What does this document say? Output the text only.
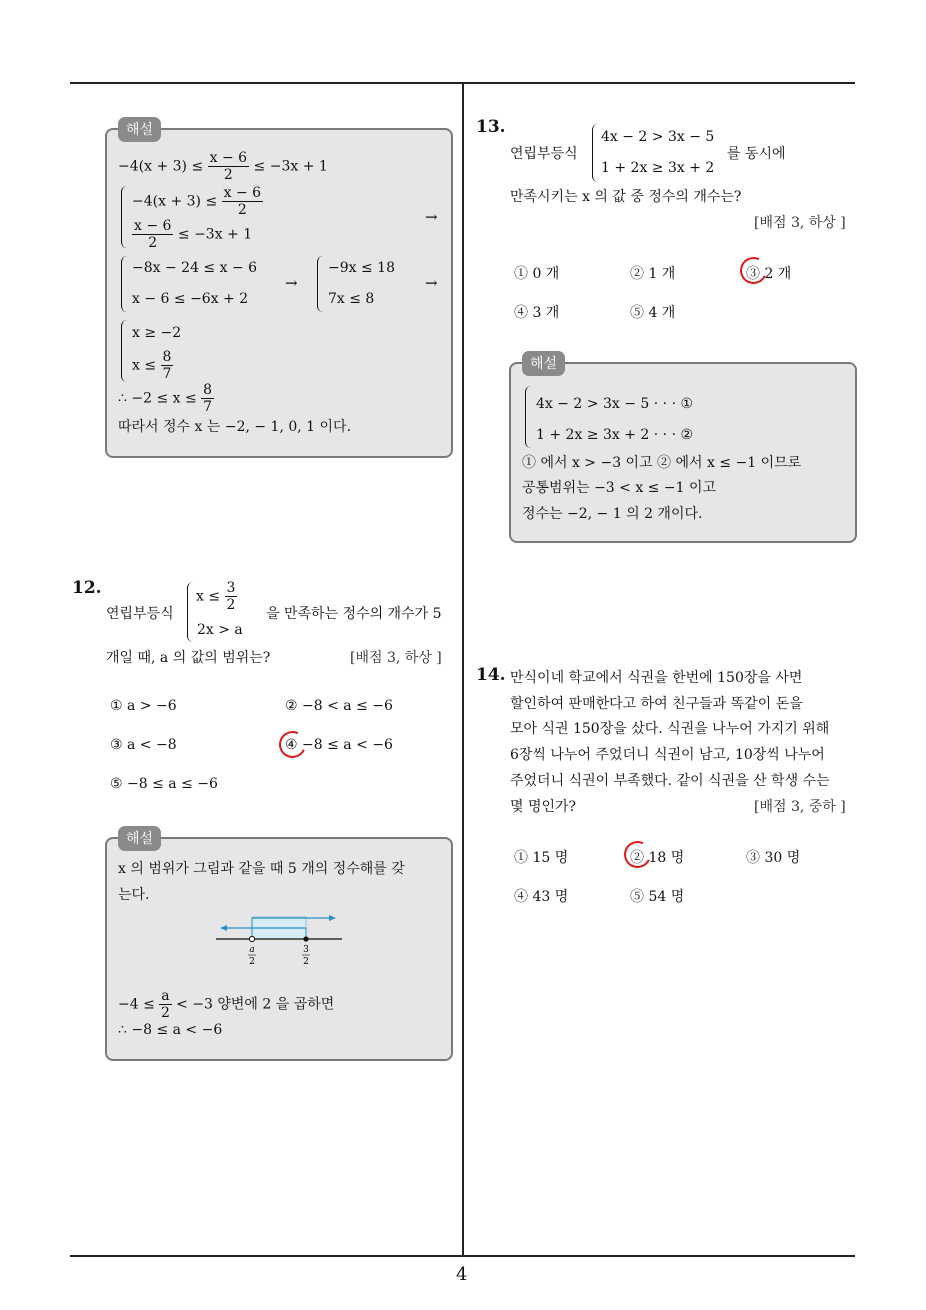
4
해설
$-4(x + 3) \le \frac{x - 6}{2} \le -3x + 1$
$-4(x + 3) \le \frac{x - 6}{2}$
$\frac{x - 6}{2} \le -3x + 1$
→
−8x − 24 ≤ x − 6
x − 6 ≤ −6x + 2
→
−9x ≤ 18
7x ≤ 8
→
x ≥ −2
$x \le \frac{8}{7}$
∴ $-2 \le x \le \frac{8}{7}$
따라서 정수 x 는 −2, − 1, 0, 1 이다.
12.
연립부등식
$x \le \frac{3}{2}$
2x > a
을 만족하는 정수의 개수가 5
개일 때, a 의 값의 범위는?	[배점 3, 하상 ]
① a > −6	② −8 < a ≤ −6
③ a < −8	④ −8 ≤ a < −6
⑤ −8 ≤ a ≤ −6
해설
x 의 범위가 그림과 같을 때 5 개의 정수해를 갖
는다.
a
2
3
2
$-4 \le \frac{a}{2} < -3$ 양변에 2 을 곱하면
∴ −8 ≤ a < −6
13.
연립부등식
4x − 2 > 3x − 5
1 + 2x ≥ 3x + 2
를 동시에
만족시키는 x 의 값 중 정수의 개수는?
[배점 3, 하상 ]
① 0 개	② 1 개	③ 2 개
④ 3 개	⑤ 4 개
해설
4x − 2 > 3x − 5 · · · ①
1 + 2x ≥ 3x + 2 · · · ②
① 에서 x > −3 이고 ② 에서 x ≤ −1 이므로
공통범위는 −3 < x ≤ −1 이고
정수는 −2, − 1 의 2 개이다.
14. 만식이네 학교에서 식권을 한번에 150장을 사면
할인하여 판매한다고 하여 친구들과 똑같이 돈을
모아 식권 150장을 샀다. 식권을 나누어 가지기 위해
6장씩 나누어 주었더니 식권이 남고, 10장씩 나누어
주었더니 식권이 부족했다. 같이 식권을 산 학생 수는
몇 명인가?	[배점 3, 중하 ]
① 15 명	② 18 명	③ 30 명
④ 43 명	⑤ 54 명
